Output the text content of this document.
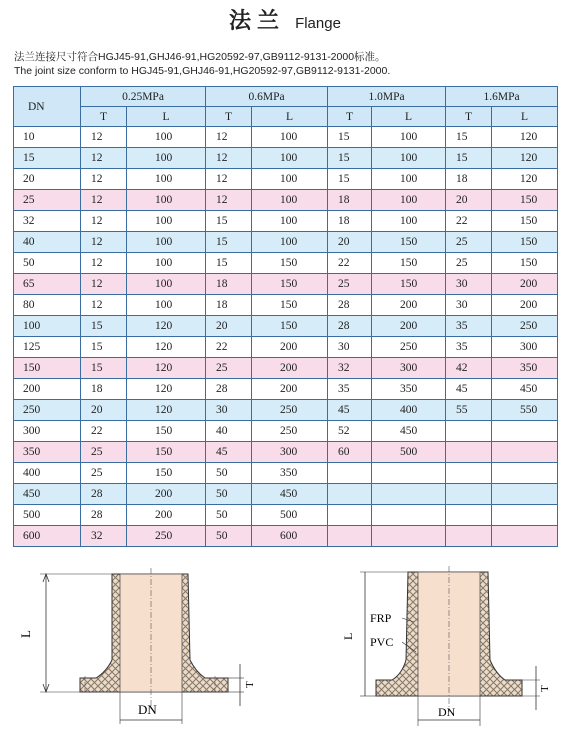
法兰 Flange
法兰连接尺寸符合HGJ45-91,GHJ46-91,HG20592-97,GB9112-9131-2000标准。
The joint size conform to HGJ45-91,GHJ46-91,HG20592-97,GB9112-9131-2000.
DN	0.25MPa		0.6MPa		1.0MPa		1.6MPa	
	T	L	T	L	T	L	T	L
10	12	100	12	100	15	100	15	120
15	12	100	12	100	15	100	15	120
20	12	100	12	100	15	100	18	120
25	12	100	12	100	18	100	20	150
32	12	100	15	100	18	100	22	150
40	12	100	15	100	20	150	25	150
50	12	100	15	150	22	150	25	150
65	12	100	18	150	25	150	30	200
80	12	100	18	150	28	200	30	200
100	15	120	20	150	28	200	35	250
125	15	120	22	200	30	250	35	300
150	15	120	25	200	32	300	42	350
200	18	120	28	200	35	350	45	450
250	20	120	30	250	45	400	55	550
300	22	150	40	250	52	450		
350	25	150	45	300	60	500		
400	25	150	50	350				
450	28	200	50	450				
500	28	200	50	500				
600	32	250	50	600				
L
T
DN
L
FRP
PVC
T
DN
